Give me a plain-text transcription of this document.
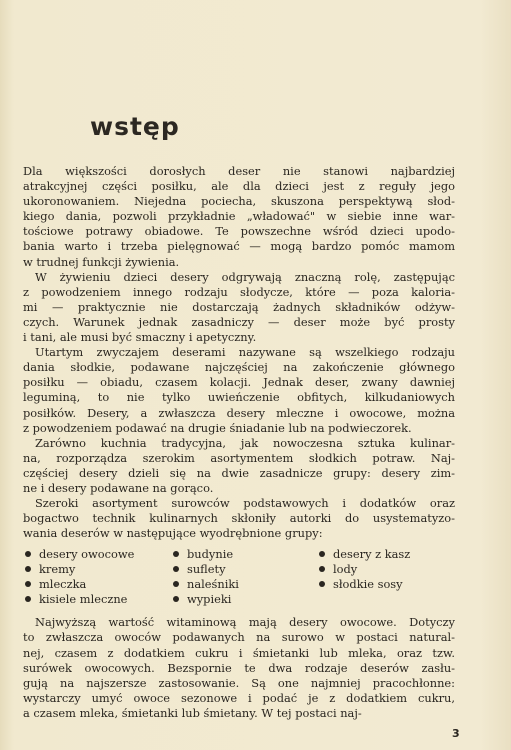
wstęp

Dla większości dorosłych deser nie stanowi najbardziej
atrakcyjnej części posiłku, ale dla dzieci jest z reguły jego
ukoronowaniem. Niejedna pociecha, skuszona perspektywą słod-
kiego dania, pozwoli przykładnie „władować" w siebie inne war-
tościowe potrawy obiadowe. Te powszechne wśród dzieci upodo-
bania warto i trzeba pielęgnować — mogą bardzo pomóc mamom
w trudnej funkcji żywienia.

W żywieniu dzieci desery odgrywają znaczną rolę, zastępując
z powodzeniem innego rodzaju słodycze, które — poza kaloria-
mi — praktycznie nie dostarczają żadnych składników odżyw-
czych. Warunek jednak zasadniczy — deser może być prosty
i tani, ale musi być smaczny i apetyczny.

Utartym zwyczajem deserami nazywane są wszelkiego rodzaju
dania słodkie, podawane najczęściej na zakończenie głównego
posiłku — obiadu, czasem kolacji. Jednak deser, zwany dawniej
leguminą, to nie tylko uwieńczenie obfitych, kilkudaniowych
posiłków. Desery, a zwłaszcza desery mleczne i owocowe, można
z powodzeniem podawać na drugie śniadanie lub na podwieczorek.

Zarówno kuchnia tradycyjna, jak nowoczesna sztuka kulinar-
na, rozporządza szerokim asortymentem słodkich potraw. Naj-
częściej desery dzieli się na dwie zasadnicze grupy: desery zim-
ne i desery podawane na gorąco.

Szeroki asortyment surowców podstawowych i dodatków oraz
bogactwo technik kulinarnych skłoniły autorki do usystematyzo-
wania deserów w następujące wyodrębnione grupy:

desery owocowe
kremy
mleczka
kisiele mleczne
budynie
suflety
naleśniki
wypieki
desery z kasz
lody
słodkie sosy

Najwyższą wartość witaminową mają desery owocowe. Dotyczy
to zwłaszcza owoców podawanych na surowo w postaci natural-
nej, czasem z dodatkiem cukru i śmietanki lub mleka, oraz tzw.
surówek owocowych. Bezspornie te dwa rodzaje deserów zasłu-
gują na najszersze zastosowanie. Są one najmniej pracochłonne:
wystarczy umyć owoce sezonowe i podać je z dodatkiem cukru,
a czasem mleka, śmietanki lub śmietany. W tej postaci naj-

3
